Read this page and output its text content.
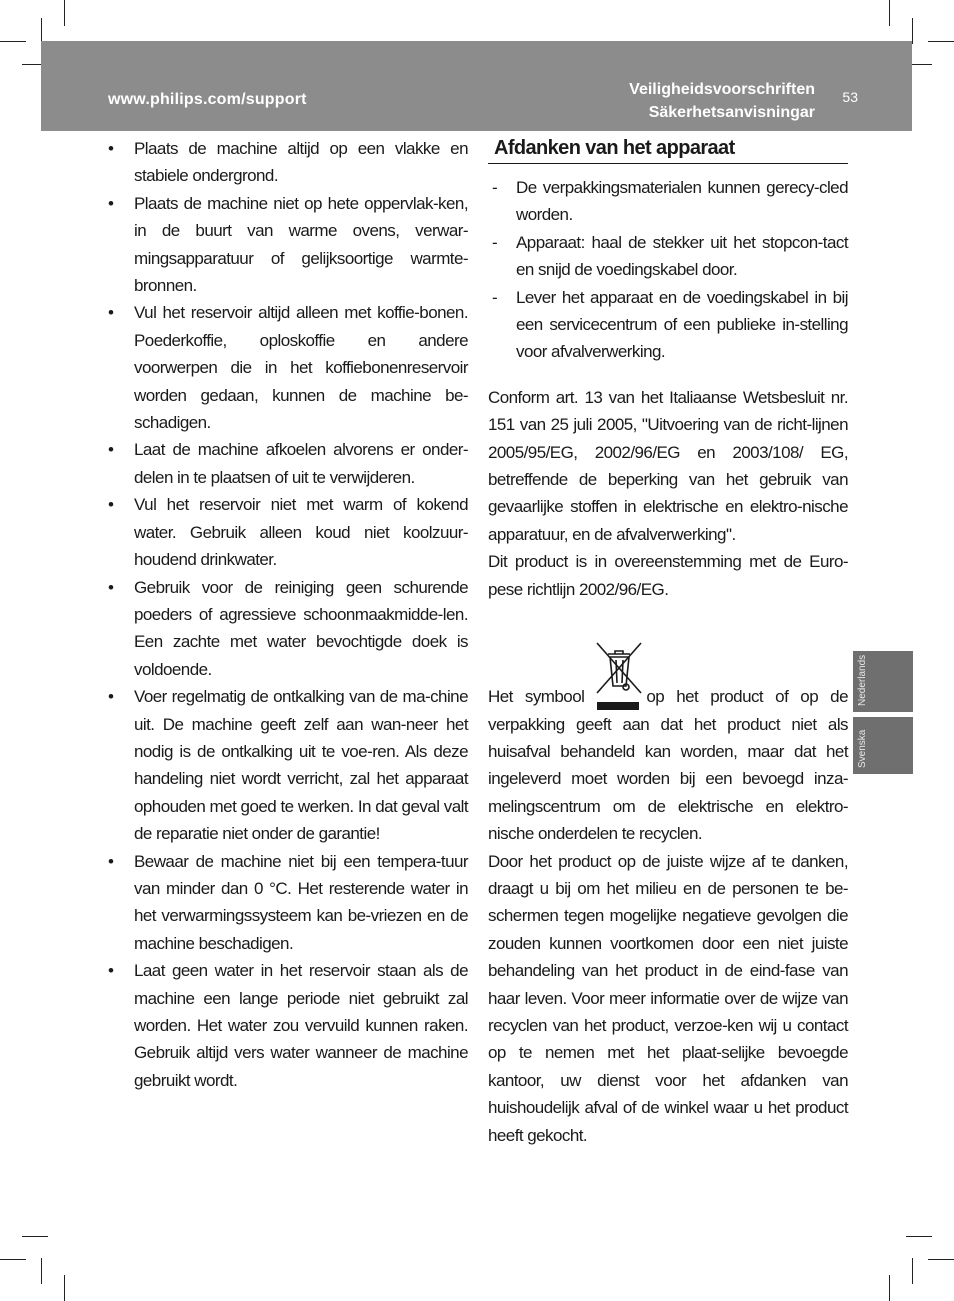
www.philips.com/support
Veiligheidsvoorschriften
Säkerhetsanvisningar
53
Nederlands
Svenska
• Plaats de machine altijd op een vlakke en stabiele ondergrond.
• Plaats de machine niet op hete oppervlak-ken, in de buurt van warme ovens, verwar-mingsapparatuur of gelijksoortige warmte-bronnen.
• Vul het reservoir altijd alleen met koffie-bonen. Poederkoffie, oploskoffie en andere voorwerpen die in het koffiebonenreservoir worden gedaan, kunnen de machine be-schadigen.
• Laat de machine afkoelen alvorens er onder-delen in te plaatsen of uit te verwijderen.
• Vul het reservoir niet met warm of kokend water. Gebruik alleen koud niet koolzuur-houdend drinkwater.
• Gebruik voor de reiniging geen schurende poeders of agressieve schoonmaakmidde-len. Een zachte met water bevochtigde doek is voldoende.
• Voer regelmatig de ontkalking van de ma-chine uit. De machine geeft zelf aan wan-neer het nodig is de ontkalking uit te voe-ren. Als deze handeling niet wordt verricht, zal het apparaat ophouden met goed te werken. In dat geval valt de reparatie niet onder de garantie!
• Bewaar de machine niet bij een tempera-tuur van minder dan 0 °C. Het resterende water in het verwarmingssysteem kan be-vriezen en de machine beschadigen.
• Laat geen water in het reservoir staan als de machine een lange periode niet gebruikt zal worden. Het water zou vervuild kunnen raken. Gebruik altijd vers water wanneer de machine gebruikt wordt.
Afdanken van het apparaat
- De verpakkingsmaterialen kunnen gerecy-cled worden.
- Apparaat: haal de stekker uit het stopcon-tact en snijd de voedingskabel door.
- Lever het apparaat en de voedingskabel in bij een servicecentrum of een publieke in-stelling voor afvalverwerking.

Conform art. 13 van het Italiaanse Wetsbesluit nr. 151 van 25 juli 2005, "Uitvoering van de richt-lijnen 2005/95/EG, 2002/96/EG en 2003/108/ EG, betreffende de beperking van het gebruik van gevaarlijke stoffen in elektrische en elektro-nische apparatuur, en de afvalverwerking".

Dit product is in overeenstemming met de Euro-pese richtlijn 2002/96/EG.

Het symbool	op het product of op de verpakking geeft aan dat het product niet als huisafval behandeld kan worden, maar dat het ingeleverd moet worden bij een bevoegd inza-melingscentrum om de elektrische en elektro-nische onderdelen te recyclen.

Door het product op de juiste wijze af te danken, draagt u bij om het milieu en de personen te be-schermen tegen mogelijke negatieve gevolgen die zouden kunnen voortkomen door een niet juiste behandeling van het product in de eind-fase van haar leven. Voor meer informatie over de wijze van recyclen van het product, verzoe-ken wij u contact op te nemen met het plaat-selijke bevoegde kantoor, uw dienst voor het afdanken van huishoudelijk afval of de winkel waar u het product heeft gekocht.
